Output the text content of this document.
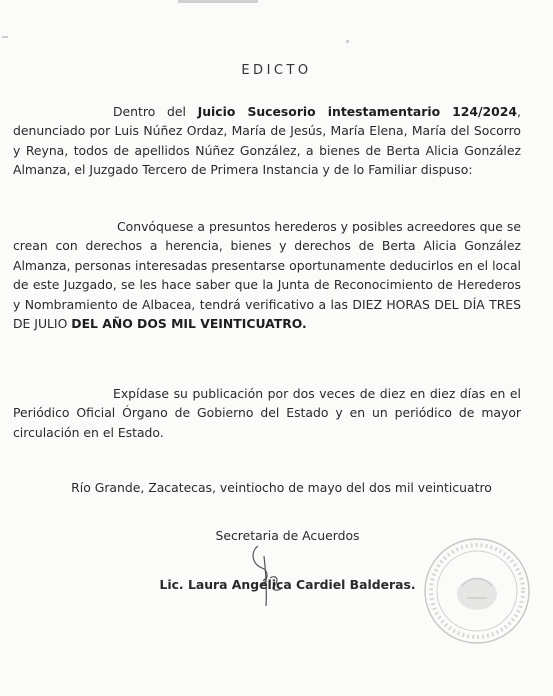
EDICTO

Dentro del Juicio Sucesorio intestamentario 124/2024, denunciado por Luis Núñez Ordaz, María de Jesús, María Elena, María del Socorro y Reyna, todos de apellidos Núñez González, a bienes de Berta Alicia González Almanza, el Juzgado Tercero de Primera Instancia y de lo Familiar dispuso:

Convóquese a presuntos herederos y posibles acreedores que se crean con derechos a herencia, bienes y derechos de Berta Alicia González Almanza, personas interesadas presentarse oportunamente deducirlos en el local de este Juzgado, se les hace saber que la Junta de Reconocimiento de Herederos y Nombramiento de Albacea, tendrá verificativo a las DIEZ HORAS DEL DÍA TRES DE JULIO DEL AÑO DOS MIL VEINTICUATRO.

Expídase su publicación por dos veces de diez en diez días en el Periódico Oficial Órgano de Gobierno del Estado y en un periódico de mayor circulación en el Estado.

Río Grande, Zacatecas, veintiocho de mayo del dos mil veinticuatro
Secretaria de Acuerdos
Lic. Laura Angélica Cardiel Balderas.
